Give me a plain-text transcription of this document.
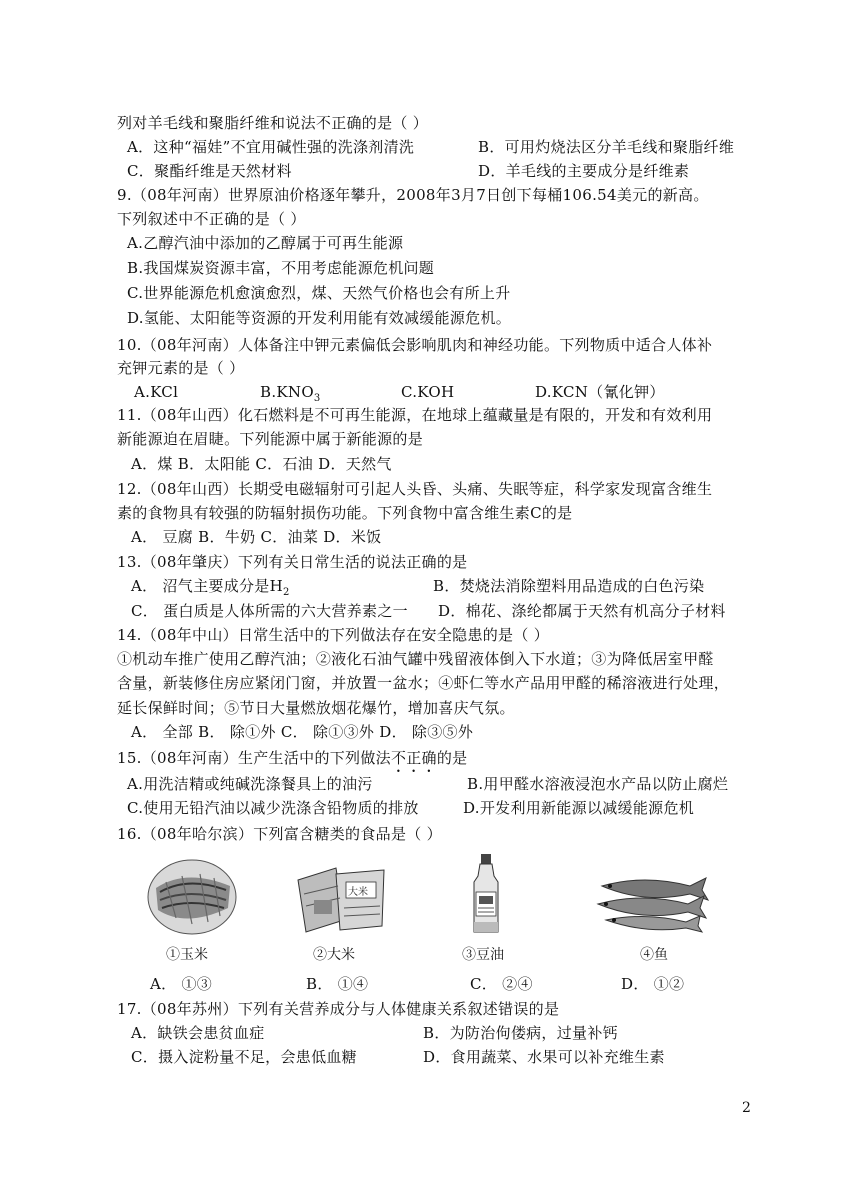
列对羊毛线和聚脂纤维和说法不正确的是（ ）
A．这种“福娃”不宜用碱性强的洗涤剂清洗	B．可用灼烧法区分羊毛线和聚脂纤维
C．聚酯纤维是天然材料	D．羊毛线的主要成分是纤维素
9.（08年河南）世界原油价格逐年攀升，2008年3月7日创下每桶106.54美元的新高。
下列叙述中不正确的是（ ）
A.乙醇汽油中添加的乙醇属于可再生能源
B.我国煤炭资源丰富，不用考虑能源危机问题
C.世界能源危机愈演愈烈，煤、天然气价格也会有所上升
D.氢能、太阳能等资源的开发利用能有效减缓能源危机。
10.（08年河南）人体备注中钾元素偏低会影响肌肉和神经功能。下列物质中适合人体补
充钾元素的是（ ）
A.KCl	$B.KNO_3$	C.KOH	D.KCN（氰化钾）
11.（08年山西）化石燃料是不可再生能源，在地球上蕴藏量是有限的，开发和有效利用
新能源迫在眉睫。下列能源中属于新能源的是
A．煤 B．太阳能 C．石油 D．天然气
12.（08年山西）长期受电磁辐射可引起人头昏、头痛、失眠等症，科学家发现富含维生
素的食物具有较强的防辐射损伤功能。下列食物中富含维生素C的是
A． 豆腐 B．牛奶 C．油菜 D．米饭
13.（08年肇庆）下列有关日常生活的说法正确的是
A． 沼气主要成分是$H_2$	B．焚烧法消除塑料用品造成的白色污染
C． 蛋白质是人体所需的六大营养素之一 D．棉花、涤纶都属于天然有机高分子材料
14.（08年中山）日常生活中的下列做法存在安全隐患的是（ ）
①机动车推广使用乙醇汽油；②液化石油气罐中残留液体倒入下水道；③为降低居室甲醛
含量，新装修住房应紧闭门窗，并放置一盆水；④虾仁等水产品用甲醛的稀溶液进行处理，
延长保鲜时间；⑤节日大量燃放烟花爆竹，增加喜庆气氛。
A． 全部 B． 除①外 C． 除①③外 D． 除③⑤外
15.（08年河南）生产生活中的下列做法不正确的是
A.用洗洁精或纯碱洗涤餐具上的油污	B.用甲醛水溶液浸泡水产品以防止腐烂
C.使用无铅汽油以减少洗涤含铅物质的排放	D.开发利用新能源以减缓能源危机
16.（08年哈尔滨）下列富含糖类的食品是（ ）
大米
①玉米	②大米	③豆油	④鱼
A． ①③	B． ①④	C． ②④	D． ①②
17.（08年苏州）下列有关营养成分与人体健康关系叙述错误的是
A．缺铁会患贫血症	B．为防治佝偻病，过量补钙
C．摄入淀粉量不足，会患低血糖	D．食用蔬菜、水果可以补充维生素
2
